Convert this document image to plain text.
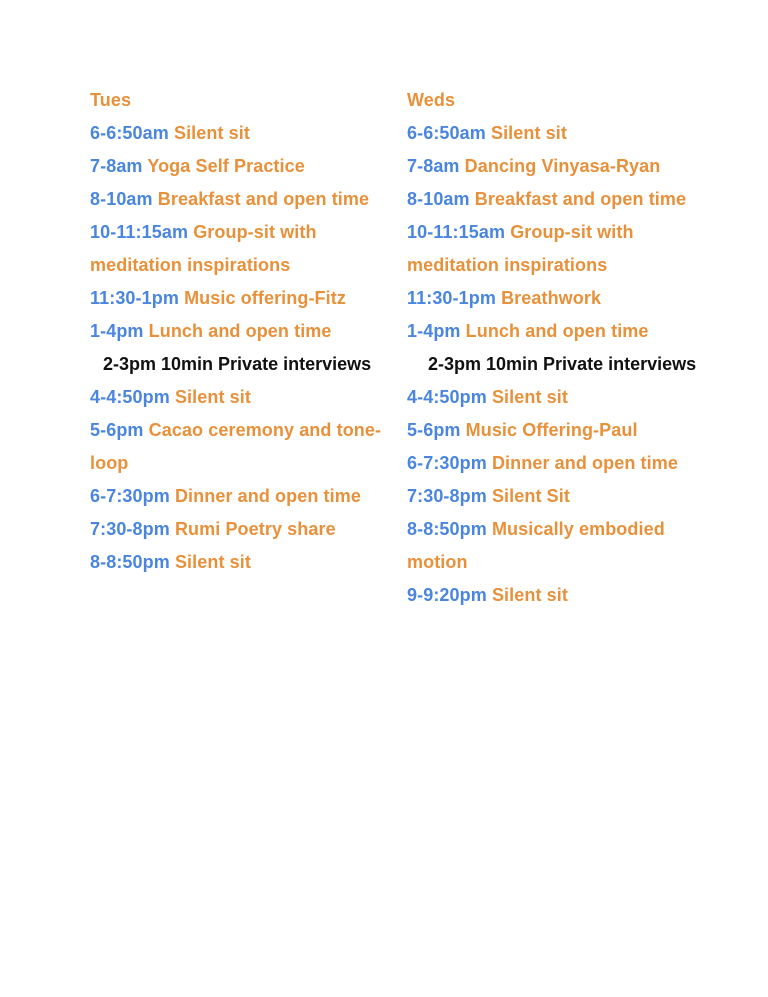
Tues
6-6:50am Silent sit
7-8am Yoga Self Practice
8-10am Breakfast and open time
10-11:15am Group-sit with meditation inspirations
11:30-1pm Music offering-Fitz
1-4pm Lunch and open time
2-3pm 10min Private interviews
4-4:50pm Silent sit
5-6pm Cacao ceremony and tone-loop
6-7:30pm Dinner and open time
7:30-8pm Rumi Poetry share
8-8:50pm Silent sit
Weds
6-6:50am Silent sit
7-8am Dancing Vinyasa-Ryan
8-10am Breakfast and open time
10-11:15am Group-sit with meditation inspirations
11:30-1pm Breathwork
1-4pm Lunch and open time
2-3pm 10min Private interviews
4-4:50pm Silent sit
5-6pm Music Offering-Paul
6-7:30pm Dinner and open time
7:30-8pm Silent Sit
8-8:50pm Musically embodied motion
9-9:20pm Silent sit
